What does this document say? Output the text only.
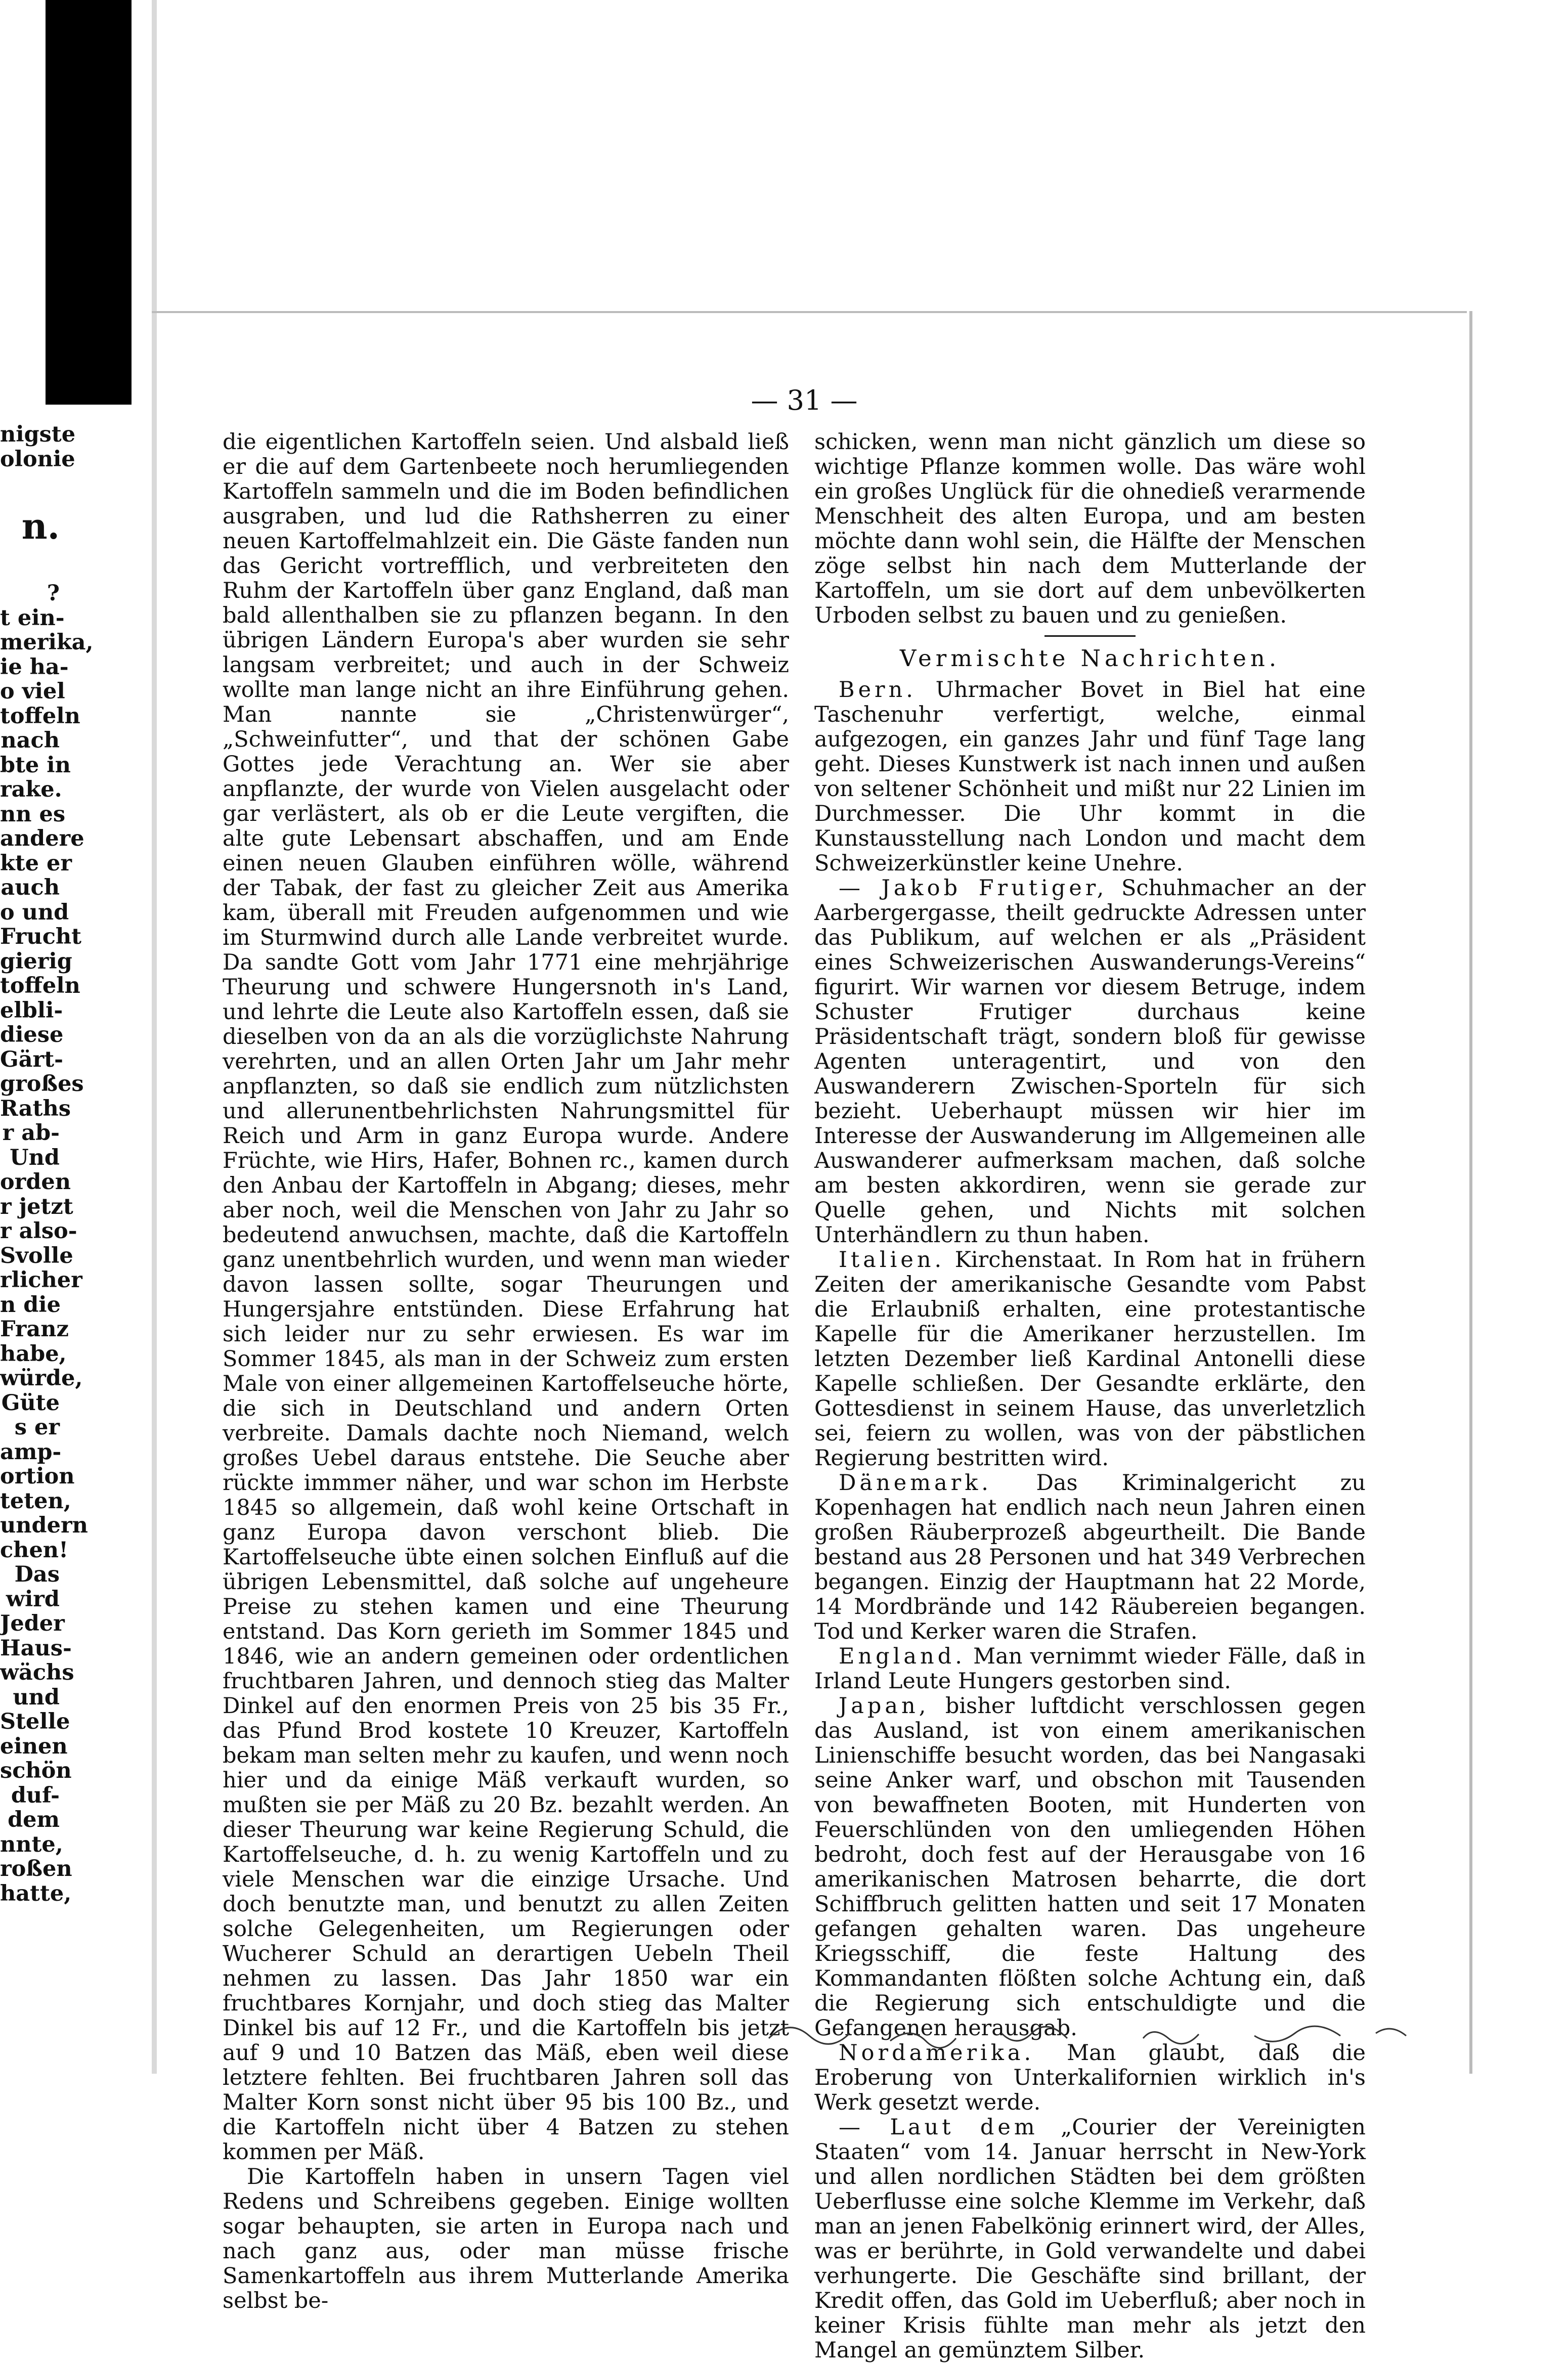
nigste
olonie

n.

?
t ein-
merika,
ie ha-
o viel
toffeln
nach
bte in
rake.
nn es
andere
kte er
auch
o und
Frucht
gierig
toffeln
elbli-
diese
Gärt-
großes
Raths
r ab-
Und
orden
r jetzt
r also-
Svolle
rlicher
n die
Franz
habe,
würde,
Güte
s er
amp-
ortion
teten,
undern
chen!
Das
wird
Jeder
Haus-
wächs
und
Stelle
einen
schön
duf-
dem
nnte,
roßen
hatte,
— 31 —

die eigentlichen Kartoffeln seien. Und alsbald ließ er die auf dem Gartenbeete noch herumliegenden Kartoffeln sammeln und die im Boden befindlichen ausgraben, und lud die Rathsherren zu einer neuen Kartoffelmahlzeit ein. Die Gäste fanden nun das Gericht vortrefflich, und verbreiteten den Ruhm der Kartoffeln über ganz England, daß man bald allenthalben sie zu pflanzen begann. In den übrigen Ländern Europa's aber wurden sie sehr langsam verbreitet; und auch in der Schweiz wollte man lange nicht an ihre Einführung gehen. Man nannte sie „Christenwürger“, „Schweinfutter“, und that der schönen Gabe Gottes jede Verachtung an. Wer sie aber anpflanzte, der wurde von Vielen ausgelacht oder gar verlästert, als ob er die Leute vergiften, die alte gute Lebensart abschaffen, und am Ende einen neuen Glauben einführen wölle, während der Tabak, der fast zu gleicher Zeit aus Amerika kam, überall mit Freuden aufgenommen und wie im Sturmwind durch alle Lande verbreitet wurde. Da sandte Gott vom Jahr 1771 eine mehrjährige Theurung und schwere Hungersnoth in's Land, und lehrte die Leute also Kartoffeln essen, daß sie dieselben von da an als die vorzüglichste Nahrung verehrten, und an allen Orten Jahr um Jahr mehr anpflanzten, so daß sie endlich zum nützlichsten und allerunentbehrlichsten Nahrungsmittel für Reich und Arm in ganz Europa wurde. Andere Früchte, wie Hirs, Hafer, Bohnen rc., kamen durch den Anbau der Kartoffeln in Abgang; dieses, mehr aber noch, weil die Menschen von Jahr zu Jahr so bedeutend anwuchsen, machte, daß die Kartoffeln ganz unentbehrlich wurden, und wenn man wieder davon lassen sollte, sogar Theurungen und Hungersjahre entstünden. Diese Erfahrung hat sich leider nur zu sehr erwiesen. Es war im Sommer 1845, als man in der Schweiz zum ersten Male von einer allgemeinen Kartoffelseuche hörte, die sich in Deutschland und andern Orten verbreite. Damals dachte noch Niemand, welch großes Uebel daraus entstehe. Die Seuche aber rückte immmer näher, und war schon im Herbste 1845 so allgemein, daß wohl keine Ortschaft in ganz Europa davon verschont blieb. Die Kartoffelseuche übte einen solchen Einfluß auf die übrigen Lebensmittel, daß solche auf ungeheure Preise zu stehen kamen und eine Theurung entstand. Das Korn gerieth im Sommer 1845 und 1846, wie an andern gemeinen oder ordentlichen fruchtbaren Jahren, und dennoch stieg das Malter Dinkel auf den enormen Preis von 25 bis 35 Fr., das Pfund Brod kostete 10 Kreuzer, Kartoffeln bekam man selten mehr zu kaufen, und wenn noch hier und da einige Mäß verkauft wurden, so mußten sie per Mäß zu 20 Bz. bezahlt werden. An dieser Theurung war keine Regierung Schuld, die Kartoffelseuche, d. h. zu wenig Kartoffeln und zu viele Menschen war die einzige Ursache. Und doch benutzte man, und benutzt zu allen Zeiten solche Gelegenheiten, um Regierungen oder Wucherer Schuld an derartigen Uebeln Theil nehmen zu lassen. Das Jahr 1850 war ein fruchtbares Kornjahr, und doch stieg das Malter Dinkel bis auf 12 Fr., und die Kartoffeln bis jetzt auf 9 und 10 Batzen das Mäß, eben weil diese letztere fehlten. Bei fruchtbaren Jahren soll das Malter Korn sonst nicht über 95 bis 100 Bz., und die Kartoffeln nicht über 4 Batzen zu stehen kommen per Mäß.

Die Kartoffeln haben in unsern Tagen viel Redens und Schreibens gegeben. Einige wollten sogar behaupten, sie arten in Europa nach und nach ganz aus, oder man müsse frische Samenkartoffeln aus ihrem Mutterlande Amerika selbst be-

schicken, wenn man nicht gänzlich um diese so wichtige Pflanze kommen wolle. Das wäre wohl ein großes Unglück für die ohnedieß verarmende Menschheit des alten Europa, und am besten möchte dann wohl sein, die Hälfte der Menschen zöge selbst hin nach dem Mutterlande der Kartoffeln, um sie dort auf dem unbevölkerten Urboden selbst zu bauen und zu genießen.

Vermischte Nachrichten.

Bern. Uhrmacher Bovet in Biel hat eine Taschenuhr verfertigt, welche, einmal aufgezogen, ein ganzes Jahr und fünf Tage lang geht. Dieses Kunstwerk ist nach innen und außen von seltener Schönheit und mißt nur 22 Linien im Durchmesser. Die Uhr kommt in die Kunstausstellung nach London und macht dem Schweizerkünstler keine Unehre.

— Jakob Frutiger, Schuhmacher an der Aarbergergasse, theilt gedruckte Adressen unter das Publikum, auf welchen er als „Präsident eines Schweizerischen Auswanderungs-Vereins“ figurirt. Wir warnen vor diesem Betruge, indem Schuster Frutiger durchaus keine Präsidentschaft trägt, sondern bloß für gewisse Agenten unteragentirt, und von den Auswanderern Zwischen-Sporteln für sich bezieht. Ueberhaupt müssen wir hier im Interesse der Auswanderung im Allgemeinen alle Auswanderer aufmerksam machen, daß solche am besten akkordiren, wenn sie gerade zur Quelle gehen, und Nichts mit solchen Unterhändlern zu thun haben.

Italien. Kirchenstaat. In Rom hat in frühern Zeiten der amerikanische Gesandte vom Pabst die Erlaubniß erhalten, eine protestantische Kapelle für die Amerikaner herzustellen. Im letzten Dezember ließ Kardinal Antonelli diese Kapelle schließen. Der Gesandte erklärte, den Gottesdienst in seinem Hause, das unverletzlich sei, feiern zu wollen, was von der päbstlichen Regierung bestritten wird.

Dänemark. Das Kriminalgericht zu Kopenhagen hat endlich nach neun Jahren einen großen Räuberprozeß abgeurtheilt. Die Bande bestand aus 28 Personen und hat 349 Verbrechen begangen. Einzig der Hauptmann hat 22 Morde, 14 Mordbrände und 142 Räubereien begangen. Tod und Kerker waren die Strafen.

England. Man vernimmt wieder Fälle, daß in Irland Leute Hungers gestorben sind.

Japan, bisher luftdicht verschlossen gegen das Ausland, ist von einem amerikanischen Linienschiffe besucht worden, das bei Nangasaki seine Anker warf, und obschon mit Tausenden von bewaffneten Booten, mit Hunderten von Feuerschlünden von den umliegenden Höhen bedroht, doch fest auf der Herausgabe von 16 amerikanischen Matrosen beharrte, die dort Schiffbruch gelitten hatten und seit 17 Monaten gefangen gehalten waren. Das ungeheure Kriegsschiff, die feste Haltung des Kommandanten flößten solche Achtung ein, daß die Regierung sich entschuldigte und die Gefangenen herausgab.

Nordamerika. Man glaubt, daß die Eroberung von Unterkalifornien wirklich in's Werk gesetzt werde.

— Laut dem „Courier der Vereinigten Staaten“ vom 14. Januar herrscht in New-York und allen nordlichen Städten bei dem größten Ueberflusse eine solche Klemme im Verkehr, daß man an jenen Fabelkönig erinnert wird, der Alles, was er berührte, in Gold verwandelte und dabei verhungerte. Die Geschäfte sind brillant, der Kredit offen, das Gold im Ueberfluß; aber noch in keiner Krisis fühlte man mehr als jetzt den Mangel an gemünztem Silber.
